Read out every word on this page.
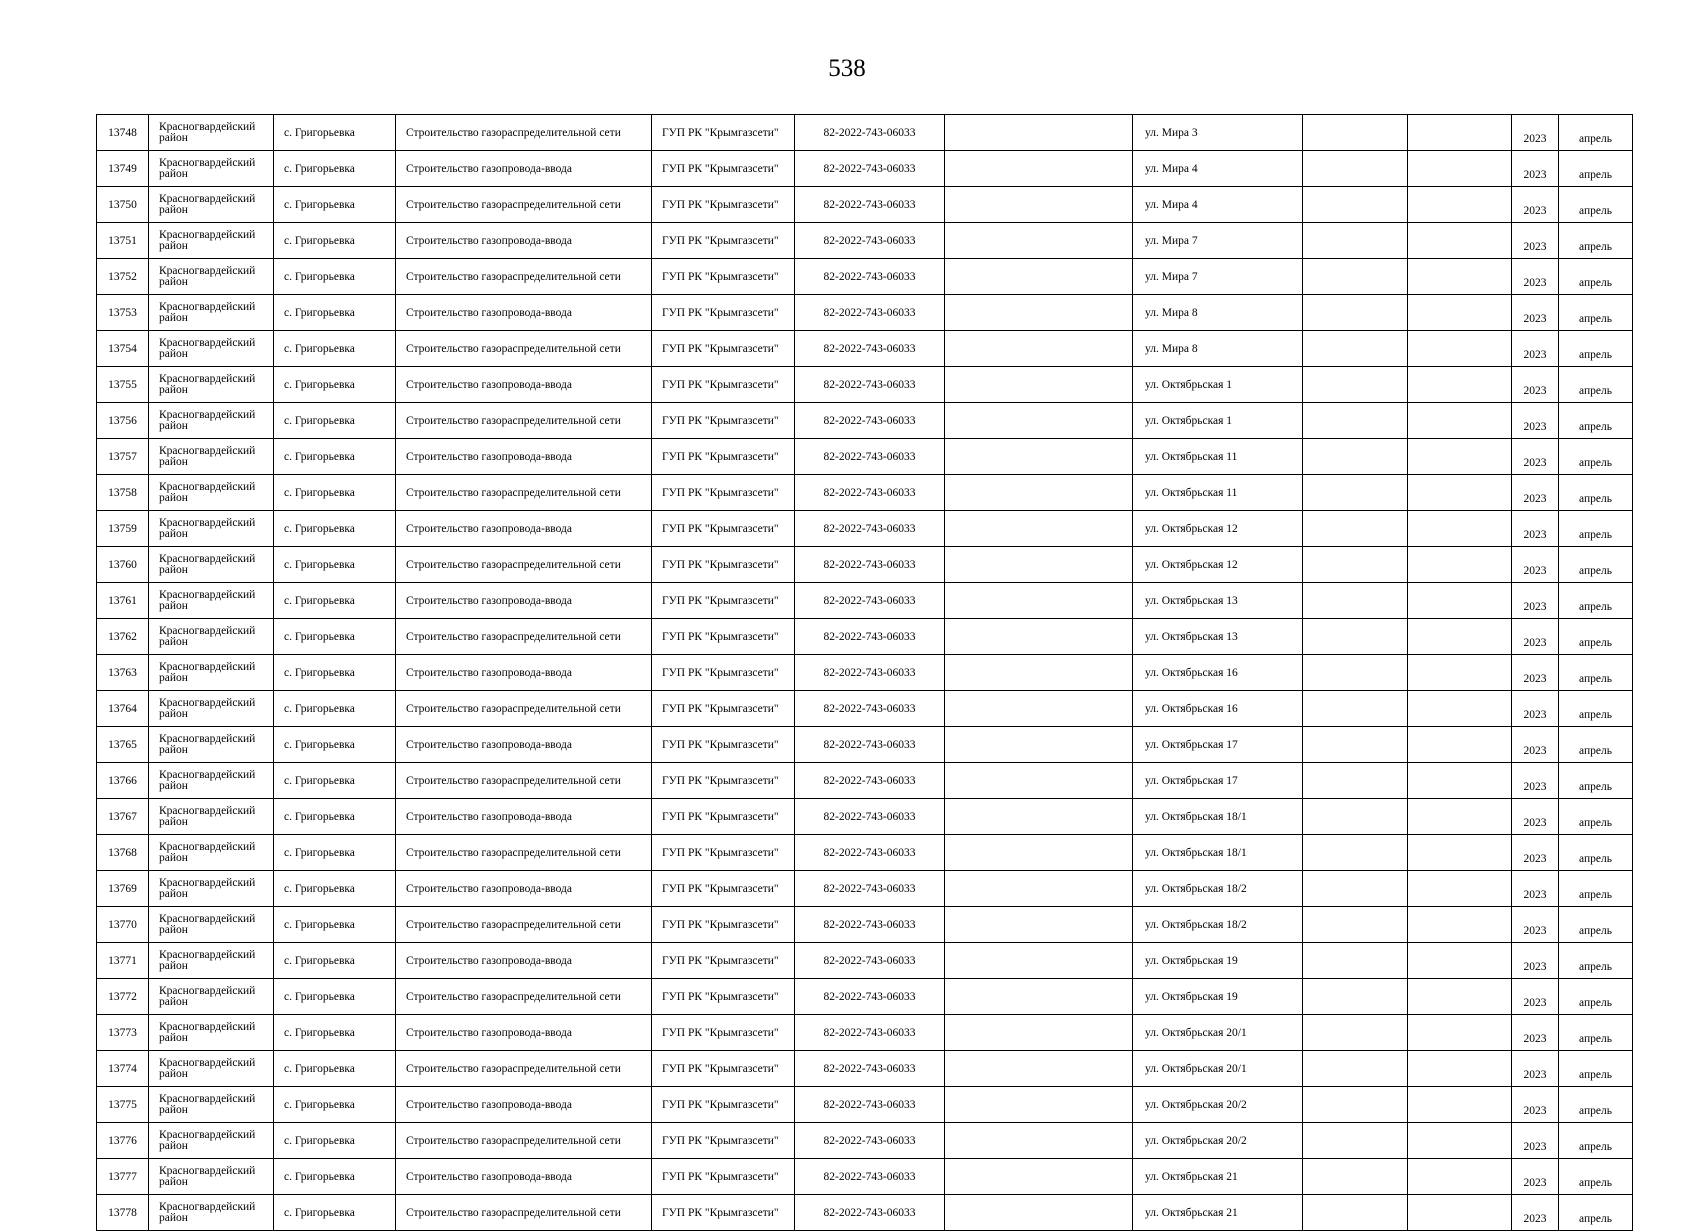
538
13748	Красногвардейский район	с. Григорьевка	Строительство газораспределительной сети	ГУП РК "Крымгазсети"	82-2022-743-06033		ул. Мира 3			2023	апрель
13749	Красногвардейский район	с. Григорьевка	Строительство газопровода-ввода	ГУП РК "Крымгазсети"	82-2022-743-06033		ул. Мира 4			2023	апрель
13750	Красногвардейский район	с. Григорьевка	Строительство газораспределительной сети	ГУП РК "Крымгазсети"	82-2022-743-06033		ул. Мира 4			2023	апрель
13751	Красногвардейский район	с. Григорьевка	Строительство газопровода-ввода	ГУП РК "Крымгазсети"	82-2022-743-06033		ул. Мира 7			2023	апрель
13752	Красногвардейский район	с. Григорьевка	Строительство газораспределительной сети	ГУП РК "Крымгазсети"	82-2022-743-06033		ул. Мира 7			2023	апрель
13753	Красногвардейский район	с. Григорьевка	Строительство газопровода-ввода	ГУП РК "Крымгазсети"	82-2022-743-06033		ул. Мира 8			2023	апрель
13754	Красногвардейский район	с. Григорьевка	Строительство газораспределительной сети	ГУП РК "Крымгазсети"	82-2022-743-06033		ул. Мира 8			2023	апрель
13755	Красногвардейский район	с. Григорьевка	Строительство газопровода-ввода	ГУП РК "Крымгазсети"	82-2022-743-06033		ул. Октябрьская 1			2023	апрель
13756	Красногвардейский район	с. Григорьевка	Строительство газораспределительной сети	ГУП РК "Крымгазсети"	82-2022-743-06033		ул. Октябрьская 1			2023	апрель
13757	Красногвардейский район	с. Григорьевка	Строительство газопровода-ввода	ГУП РК "Крымгазсети"	82-2022-743-06033		ул. Октябрьская 11			2023	апрель
13758	Красногвардейский район	с. Григорьевка	Строительство газораспределительной сети	ГУП РК "Крымгазсети"	82-2022-743-06033		ул. Октябрьская 11			2023	апрель
13759	Красногвардейский район	с. Григорьевка	Строительство газопровода-ввода	ГУП РК "Крымгазсети"	82-2022-743-06033		ул. Октябрьская 12			2023	апрель
13760	Красногвардейский район	с. Григорьевка	Строительство газораспределительной сети	ГУП РК "Крымгазсети"	82-2022-743-06033		ул. Октябрьская 12			2023	апрель
13761	Красногвардейский район	с. Григорьевка	Строительство газопровода-ввода	ГУП РК "Крымгазсети"	82-2022-743-06033		ул. Октябрьская 13			2023	апрель
13762	Красногвардейский район	с. Григорьевка	Строительство газораспределительной сети	ГУП РК "Крымгазсети"	82-2022-743-06033		ул. Октябрьская 13			2023	апрель
13763	Красногвардейский район	с. Григорьевка	Строительство газопровода-ввода	ГУП РК "Крымгазсети"	82-2022-743-06033		ул. Октябрьская 16			2023	апрель
13764	Красногвардейский район	с. Григорьевка	Строительство газораспределительной сети	ГУП РК "Крымгазсети"	82-2022-743-06033		ул. Октябрьская 16			2023	апрель
13765	Красногвардейский район	с. Григорьевка	Строительство газопровода-ввода	ГУП РК "Крымгазсети"	82-2022-743-06033		ул. Октябрьская 17			2023	апрель
13766	Красногвардейский район	с. Григорьевка	Строительство газораспределительной сети	ГУП РК "Крымгазсети"	82-2022-743-06033		ул. Октябрьская 17			2023	апрель
13767	Красногвардейский район	с. Григорьевка	Строительство газопровода-ввода	ГУП РК "Крымгазсети"	82-2022-743-06033		ул. Октябрьская 18/1			2023	апрель
13768	Красногвардейский район	с. Григорьевка	Строительство газораспределительной сети	ГУП РК "Крымгазсети"	82-2022-743-06033		ул. Октябрьская 18/1			2023	апрель
13769	Красногвардейский район	с. Григорьевка	Строительство газопровода-ввода	ГУП РК "Крымгазсети"	82-2022-743-06033		ул. Октябрьская 18/2			2023	апрель
13770	Красногвардейский район	с. Григорьевка	Строительство газораспределительной сети	ГУП РК "Крымгазсети"	82-2022-743-06033		ул. Октябрьская 18/2			2023	апрель
13771	Красногвардейский район	с. Григорьевка	Строительство газопровода-ввода	ГУП РК "Крымгазсети"	82-2022-743-06033		ул. Октябрьская 19			2023	апрель
13772	Красногвардейский район	с. Григорьевка	Строительство газораспределительной сети	ГУП РК "Крымгазсети"	82-2022-743-06033		ул. Октябрьская 19			2023	апрель
13773	Красногвардейский район	с. Григорьевка	Строительство газопровода-ввода	ГУП РК "Крымгазсети"	82-2022-743-06033		ул. Октябрьская 20/1			2023	апрель
13774	Красногвардейский район	с. Григорьевка	Строительство газораспределительной сети	ГУП РК "Крымгазсети"	82-2022-743-06033		ул. Октябрьская 20/1			2023	апрель
13775	Красногвардейский район	с. Григорьевка	Строительство газопровода-ввода	ГУП РК "Крымгазсети"	82-2022-743-06033		ул. Октябрьская 20/2			2023	апрель
13776	Красногвардейский район	с. Григорьевка	Строительство газораспределительной сети	ГУП РК "Крымгазсети"	82-2022-743-06033		ул. Октябрьская 20/2			2023	апрель
13777	Красногвардейский район	с. Григорьевка	Строительство газопровода-ввода	ГУП РК "Крымгазсети"	82-2022-743-06033		ул. Октябрьская 21			2023	апрель
13778	Красногвардейский район	с. Григорьевка	Строительство газораспределительной сети	ГУП РК "Крымгазсети"	82-2022-743-06033		ул. Октябрьская 21			2023	апрель
